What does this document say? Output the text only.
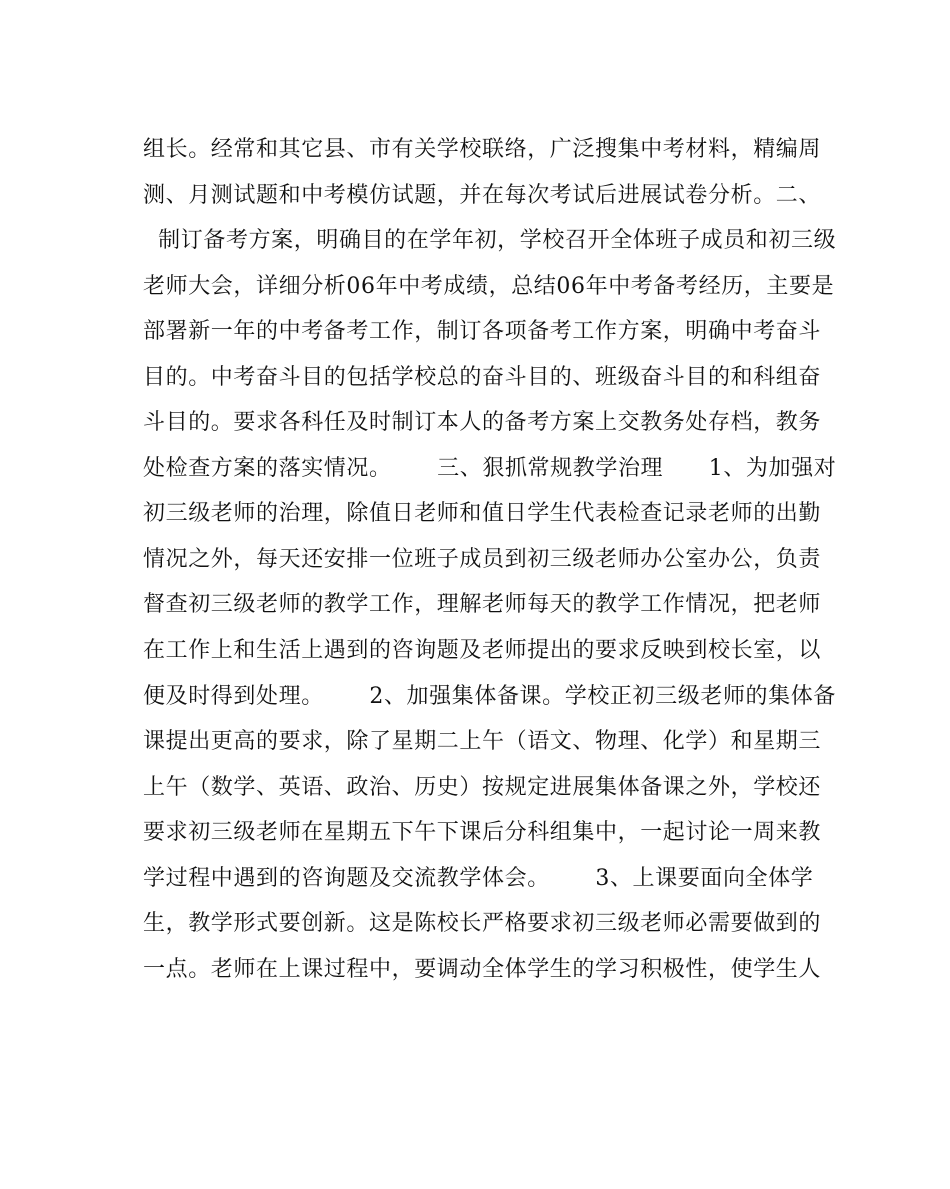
组长。经常和其它县、市有关学校联络，广泛搜集中考材料，精编周
测、月测试题和中考模仿试题，并在每次考试后进展试卷分析。二、
制订备考方案，明确目的在学年初，学校召开全体班子成员和初三级
老师大会，详细分析06年中考成绩，总结06年中考备考经历，主要是
部署新一年的中考备考工作，制订各项备考工作方案，明确中考奋斗
目的。中考奋斗目的包括学校总的奋斗目的、班级奋斗目的和科组奋
斗目的。要求各科任及时制订本人的备考方案上交教务处存档，教务
处检查方案的落实情况。      三、狠抓常规教学治理      1、为加强对
初三级老师的治理，除值日老师和值日学生代表检查记录老师的出勤
情况之外，每天还安排一位班子成员到初三级老师办公室办公，负责
督查初三级老师的教学工作，理解老师每天的教学工作情况，把老师
在工作上和生活上遇到的咨询题及老师提出的要求反映到校长室，以
便及时得到处理。      2、加强集体备课。学校正初三级老师的集体备
课提出更高的要求，除了星期二上午（语文、物理、化学）和星期三
上午（数学、英语、政治、历史）按规定进展集体备课之外，学校还
要求初三级老师在星期五下午下课后分科组集中，一起讨论一周来教
学过程中遇到的咨询题及交流教学体会。      3、上课要面向全体学
生，教学形式要创新。这是陈校长严格要求初三级老师必需要做到的
一点。老师在上课过程中，要调动全体学生的学习积极性，使学生人
